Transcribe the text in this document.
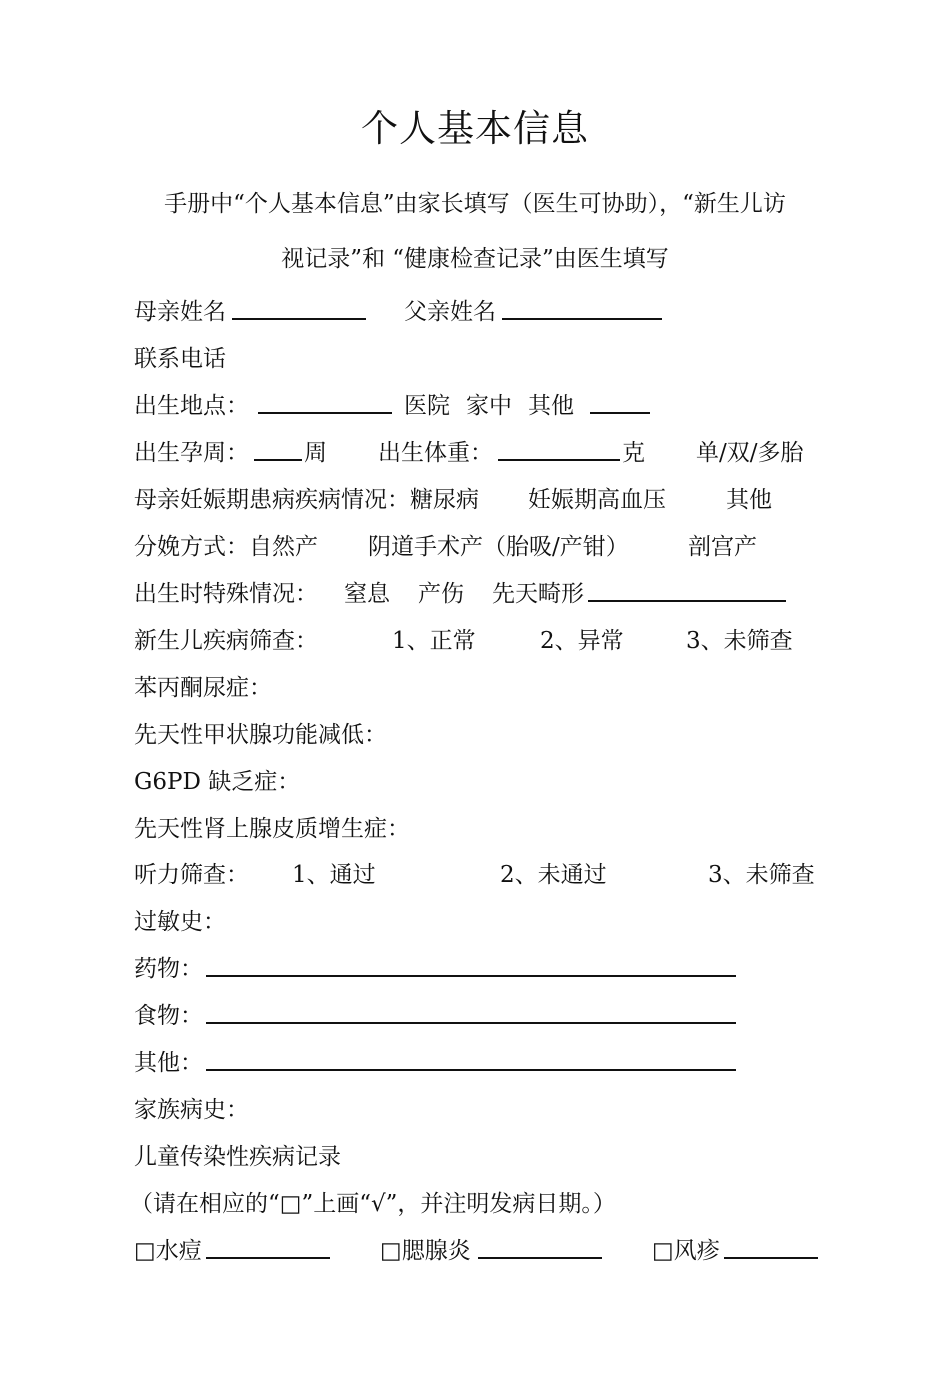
个人基本信息
手册中“个人基本信息”由家长填写（医生可协助），“新生儿访
视记录”和 “健康检查记录”由医生填写
母亲姓名	父亲姓名
联系电话
出生地点：	医院 家中 其他
出生孕周： 周 出生体重：	克 单/双/多胎
母亲妊娠期患病疾病情况：糖尿病 妊娠期高血压	其他
分娩方式：自然产 阴道手术产（胎吸/产钳）	剖宫产
出生时特殊情况： 窒息 产伤 先天畸形
新生儿疾病筛查：	1、正常	2、异常	3、未筛查
苯丙酮尿症：
先天性甲状腺功能减低：
G6PD 缺乏症：
先天性肾上腺皮质增生症：
听力筛查： 1、通过	2、未通过	3、未筛查
过敏史：
药物：
食物：
其他：
家族病史：
儿童传染性疾病记录
（请在相应的“□”上画“√”，并注明发病日期。）
□水痘	□腮腺炎	□风疹
